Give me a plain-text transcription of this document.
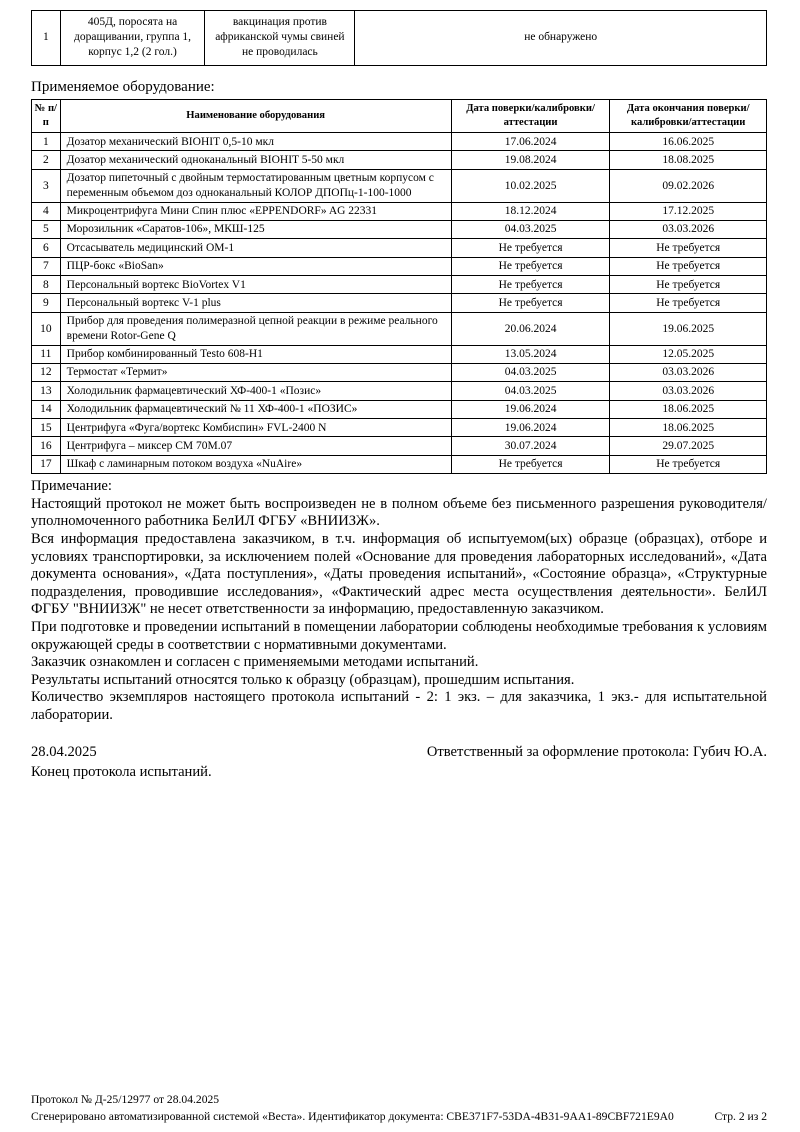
1	405Д, поросята на доращивании, группа 1, корпус 1,2 (2 гол.)	вакцинация против африканской чумы свиней не проводилась	не обнаружено
Применяемое оборудование:
№ п/п	Наименование оборудования	Дата поверки/калибровки/аттестации	Дата окончания поверки/калибровки/аттестации
1	Дозатор механический BIOHIT 0,5-10 мкл	17.06.2024	16.06.2025
2	Дозатор механический одноканальный BIOHIT 5-50 мкл	19.08.2024	18.08.2025
3	Дозатор пипеточный с двойным термостатированным цветным корпусом с переменным объемом доз одноканальный КОЛОР ДПОПц-1-100-1000	10.02.2025	09.02.2026
4	Микроцентрифуга Мини Спин плюс «EPPENDORF» AG 22331	18.12.2024	17.12.2025
5	Морозильник «Саратов-106», МКШ-125	04.03.2025	03.03.2026
6	Отсасыватель медицинский ОМ-1	Не требуется	Не требуется
7	ПЦР-бокс «BioSan»	Не требуется	Не требуется
8	Персональный вортекс BioVortex V1	Не требуется	Не требуется
9	Персональный вортекс V-1 plus	Не требуется	Не требуется
10	Прибор для проведения полимеразной цепной реакции в режиме реального времени Rotor-Gene Q	20.06.2024	19.06.2025
11	Прибор комбинированный Testo 608-H1	13.05.2024	12.05.2025
12	Термостат «Термит»	04.03.2025	03.03.2026
13	Холодильник фармацевтический ХФ-400-1 «Позис»	04.03.2025	03.03.2026
14	Холодильник фармацевтический № 11 ХФ-400-1 «ПОЗИС»	19.06.2024	18.06.2025
15	Центрифуга «Фуга/вортекс Комбиспин» FVL-2400 N	19.06.2024	18.06.2025
16	Центрифуга – миксер СМ 70М.07	30.07.2024	29.07.2025
17	Шкаф с ламинарным потоком воздуха «NuAire»	Не требуется	Не требуется
Примечание:

Настоящий протокол не может быть воспроизведен не в полном объеме без письменного разрешения руководителя/уполномоченного работника БелИЛ ФГБУ «ВНИИЗЖ».

Вся информация предоставлена заказчиком, в т.ч. информация об испытуемом(ых) образце (образцах), отборе и условиях транспортировки, за исключением полей «Основание для проведения лабораторных исследований», «Дата документа основания», «Дата поступления», «Даты проведения испытаний», «Состояние образца», «Структурные подразделения, проводившие исследования», «Фактический адрес места осуществления деятельности». БелИЛ ФГБУ "ВНИИЗЖ" не несет ответственности за информацию, предоставленную заказчиком.

При подготовке и проведении испытаний в помещении лаборатории соблюдены необходимые требования к условиям окружающей среды в соответствии с нормативными документами.

Заказчик ознакомлен и согласен с применяемыми методами испытаний.

Результаты испытаний относятся только к образцу (образцам), прошедшим испытания.

Количество экземпляров настоящего протокола испытаний - 2: 1 экз. – для заказчика, 1 экз.- для испытательной лаборатории.

28.04.2025	Ответственный за оформление протокола: Губич Ю.А.
Конец протокола испытаний.
Протокол № Д-25/12977 от 28.04.2025
Сгенерировано автоматизированной системой «Веста». Идентификатор документа: CBE371F7-53DA-4B31-9AA1-89CBF721E9A0	Стр. 2 из 2
